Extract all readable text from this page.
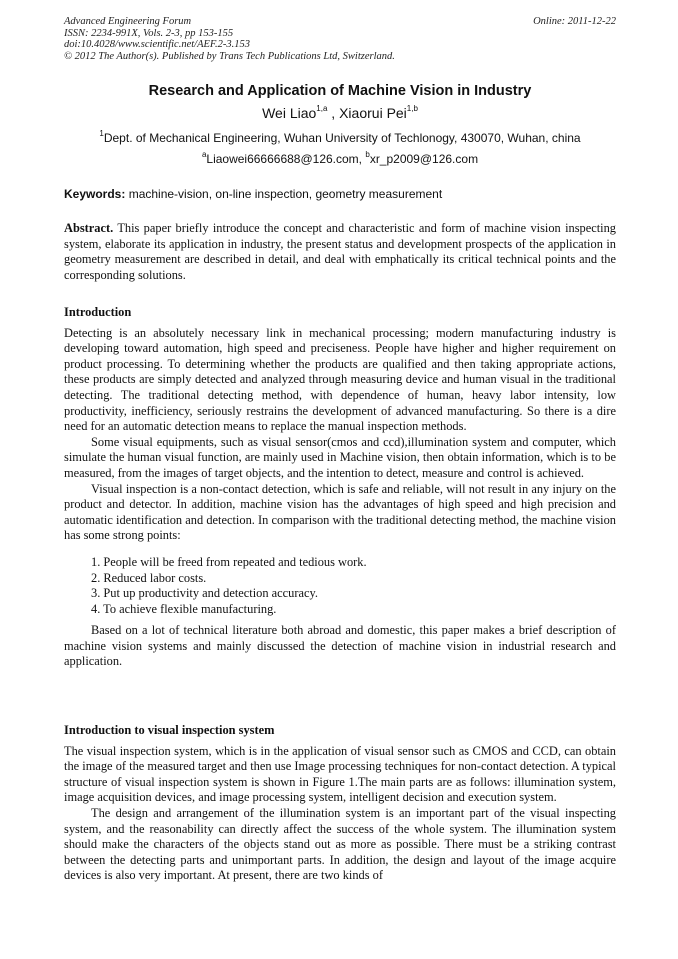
Advanced Engineering Forum	Online: 2011-12-22
ISSN: 2234-991X, Vols. 2-3, pp 153-155
doi:10.4028/www.scientific.net/AEF.2-3.153
© 2012 The Author(s). Published by Trans Tech Publications Ltd, Switzerland.
Research and Application of Machine Vision in Industry
Wei Liao$^{1,a}$ , Xiaorui Pei$^{1,b}$
$^1$Dept. of Mechanical Engineering, Wuhan University of Techlonogy, 430070, Wuhan, china
$^a$Liaowei66666688@126.com, $^b$xr_p2009@126.com
Keywords: machine-vision, on-line inspection, geometry measurement

Abstract. This paper briefly introduce the concept and characteristic and form of machine vision inspecting system, elaborate its application in industry, the present status and development prospects of the application in geometry measurement are described in detail, and deal with emphatically its critical technical points and the corresponding solutions.

Introduction

Detecting is an absolutely necessary link in mechanical processing; modern manufacturing industry is developing toward automation, high speed and preciseness. People have higher and higher requirement on product processing. To determining whether the products are qualified and then taking appropriate actions, these products are simply detected and analyzed through measuring device and human visual in the traditional detecting. The traditional detecting method, with dependence of human, heavy labor intensity, low productivity, inefficiency, seriously restrains the development of advanced manufacturing. So there is a dire need for an automatic detection means to replace the manual inspection methods.

Some visual equipments, such as visual sensor(cmos and ccd),illumination system and computer, which simulate the human visual function, are mainly used in Machine vision, then obtain information, which is to be measured, from the images of target objects, and the intention to detect, measure and control is achieved.

Visual inspection is a non-contact detection, which is safe and reliable, will not result in any injury on the product and detector. In addition, machine vision has the advantages of high speed and high precision and automatic identification and detection. In comparison with the traditional detecting method, the machine vision has some strong points:

1. People will be freed from repeated and tedious work.
2. Reduced labor costs.
3. Put up productivity and detection accuracy.
4. To achieve flexible manufacturing.

Based on a lot of technical literature both abroad and domestic, this paper makes a brief description of machine vision systems and mainly discussed the detection of machine vision in industrial research and application.

Introduction to visual inspection system

The visual inspection system, which is in the application of visual sensor such as CMOS and CCD, can obtain the image of the measured target and then use Image processing techniques for non-contact detection. A typical structure of visual inspection system is shown in Figure 1.The main parts are as follows: illumination system, image acquisition devices, and image processing system, intelligent decision and execution system.

The design and arrangement of the illumination system is an important part of the visual inspecting system, and the reasonability can directly affect the success of the whole system. The illumination system should make the characters of the objects stand out as more as possible. There must be a striking contrast between the detecting parts and unimportant parts. In addition, the design and layout of the image acquire devices is also very important. At present, there are two kinds of
